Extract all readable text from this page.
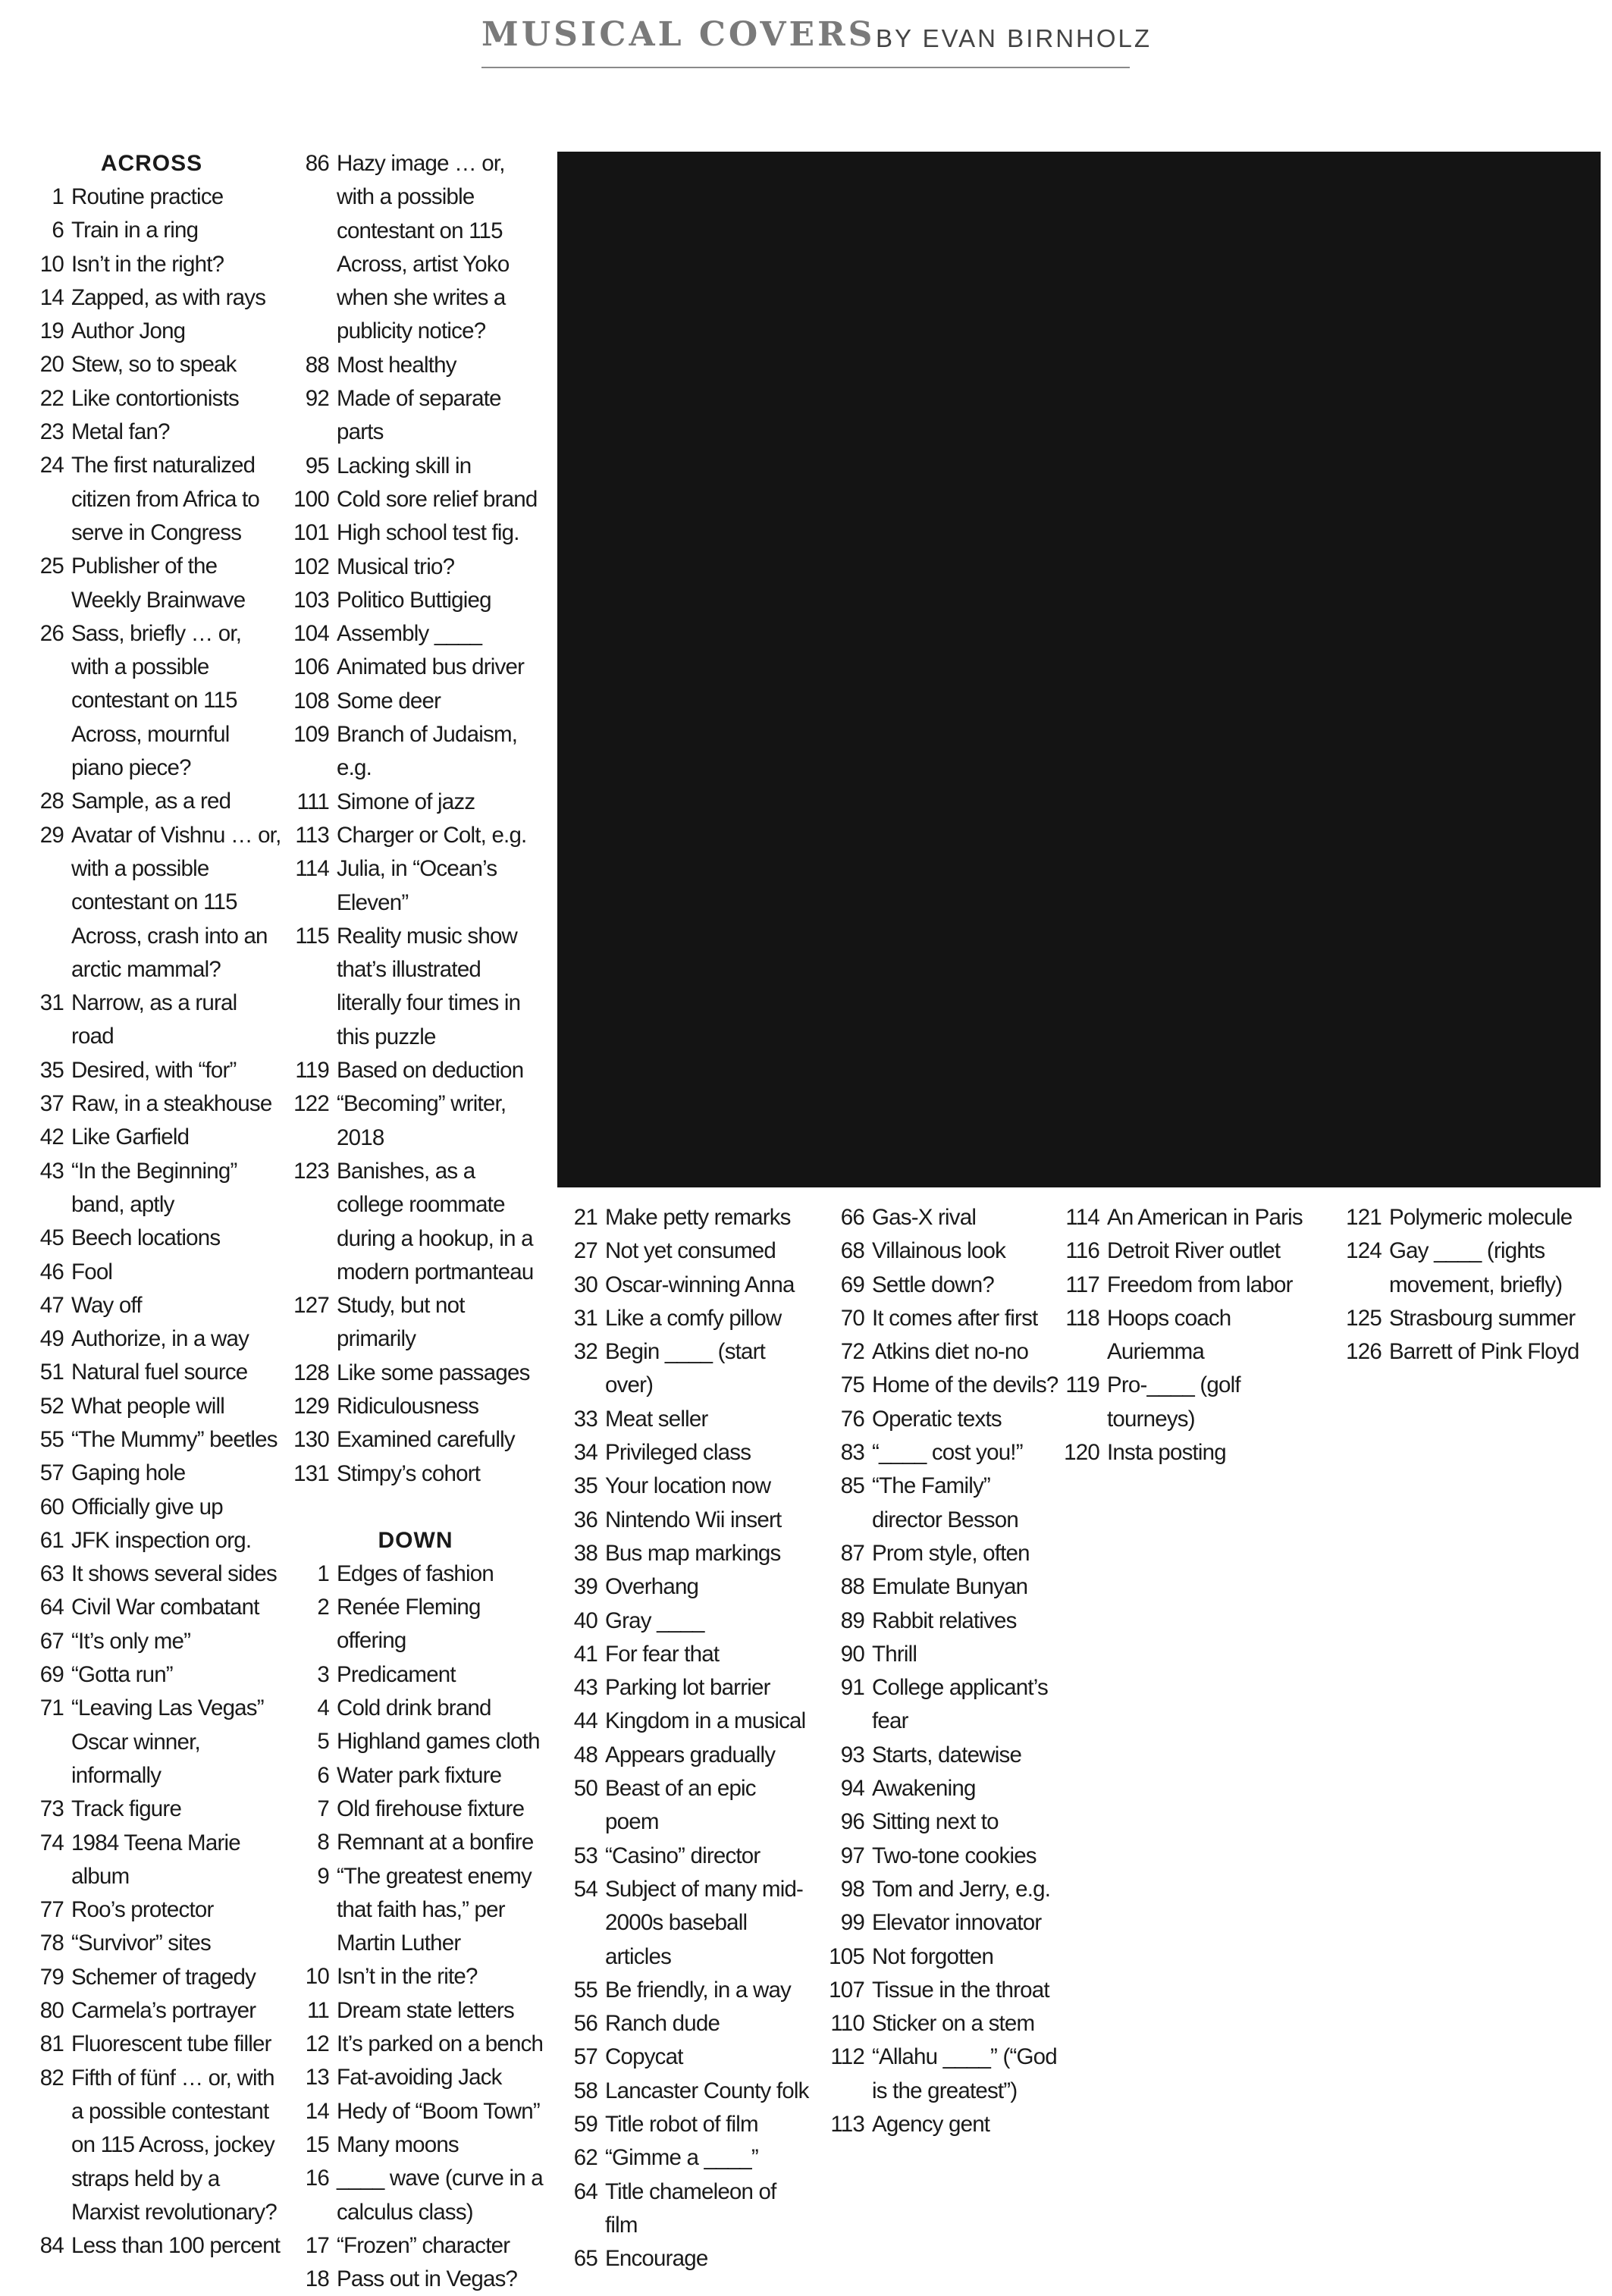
MUSICAL COVERS BY EVAN BIRNHOLZ
ACROSS
1 Routine practice
6 Train in a ring
10 Isn’t in the right?
14 Zapped, as with rays
19 Author Jong
20 Stew, so to speak
22 Like contortionists
23 Metal fan?
24 The first naturalized citizen from Africa to serve in Congress
25 Publisher of the Weekly Brainwave
26 Sass, briefly … or, with a possible contestant on 115 Across, mournful piano piece?
28 Sample, as a red
29 Avatar of Vishnu … or, with a possible contestant on 115 Across, crash into an arctic mammal?
31 Narrow, as a rural road
35 Desired, with “for”
37 Raw, in a steakhouse
42 Like Garfield
43 “In the Beginning” band, aptly
45 Beech locations
46 Fool
47 Way off
49 Authorize, in a way
51 Natural fuel source
52 What people will
55 “The Mummy” beetles
57 Gaping hole
60 Officially give up
61 JFK inspection org.
63 It shows several sides
64 Civil War combatant
67 “It’s only me”
69 “Gotta run”
71 “Leaving Las Vegas” Oscar winner, informally
73 Track figure
74 1984 Teena Marie album
77 Roo’s protector
78 “Survivor” sites
79 Schemer of tragedy
80 Carmela’s portrayer
81 Fluorescent tube filler
82 Fifth of fünf … or, with a possible contestant on 115 Across, jockey straps held by a Marxist revolutionary?
84 Less than 100 percent
86 Hazy image … or, with a possible contestant on 115 Across, artist Yoko when she writes a publicity notice?
88 Most healthy
92 Made of separate parts
95 Lacking skill in
100 Cold sore relief brand
101 High school test fig.
102 Musical trio?
103 Politico Buttigieg
104 Assembly ____
106 Animated bus driver
108 Some deer
109 Branch of Judaism, e.g.
111 Simone of jazz
113 Charger or Colt, e.g.
114 Julia, in “Ocean’s Eleven”
115 Reality music show that’s illustrated literally four times in this puzzle
119 Based on deduction
122 “Becoming” writer, 2018
123 Banishes, as a college roommate during a hookup, in a modern portmanteau
127 Study, but not primarily
128 Like some passages
129 Ridiculousness
130 Examined carefully
131 Stimpy’s cohort
DOWN
1 Edges of fashion
2 Renée Fleming offering
3 Predicament
4 Cold drink brand
5 Highland games cloth
6 Water park fixture
7 Old firehouse fixture
8 Remnant at a bonfire
9 “The greatest enemy that faith has,” per Martin Luther
10 Isn’t in the rite?
11 Dream state letters
12 It’s parked on a bench
13 Fat-avoiding Jack
14 Hedy of “Boom Town”
15 Many moons
16 ____ wave (curve in a calculus class)
17 “Frozen” character
18 Pass out in Vegas?
21 Make petty remarks
27 Not yet consumed
30 Oscar-winning Anna
31 Like a comfy pillow
32 Begin ____ (start over)
33 Meat seller
34 Privileged class
35 Your location now
36 Nintendo Wii insert
38 Bus map markings
39 Overhang
40 Gray ____
41 For fear that
43 Parking lot barrier
44 Kingdom in a musical
48 Appears gradually
50 Beast of an epic poem
53 “Casino” director
54 Subject of many mid-2000s baseball articles
55 Be friendly, in a way
56 Ranch dude
57 Copycat
58 Lancaster County folk
59 Title robot of film
62 “Gimme a ____”
64 Title chameleon of film
65 Encourage
66 Gas-X rival
68 Villainous look
69 Settle down?
70 It comes after first
72 Atkins diet no-no
75 Home of the devils?
76 Operatic texts
83 “____ cost you!”
85 “The Family” director Besson
87 Prom style, often
88 Emulate Bunyan
89 Rabbit relatives
90 Thrill
91 College applicant’s fear
93 Starts, datewise
94 Awakening
96 Sitting next to
97 Two-tone cookies
98 Tom and Jerry, e.g.
99 Elevator innovator
105 Not forgotten
107 Tissue in the throat
110 Sticker on a stem
112 “Allahu ____” (“God is the greatest”)
113 Agency gent
114 An American in Paris
116 Detroit River outlet
117 Freedom from labor
118 Hoops coach Auriemma
119 Pro-____ (golf tourneys)
120 Insta posting
121 Polymeric molecule
124 Gay ____ (rights movement, briefly)
125 Strasbourg summer
126 Barrett of Pink Floyd
